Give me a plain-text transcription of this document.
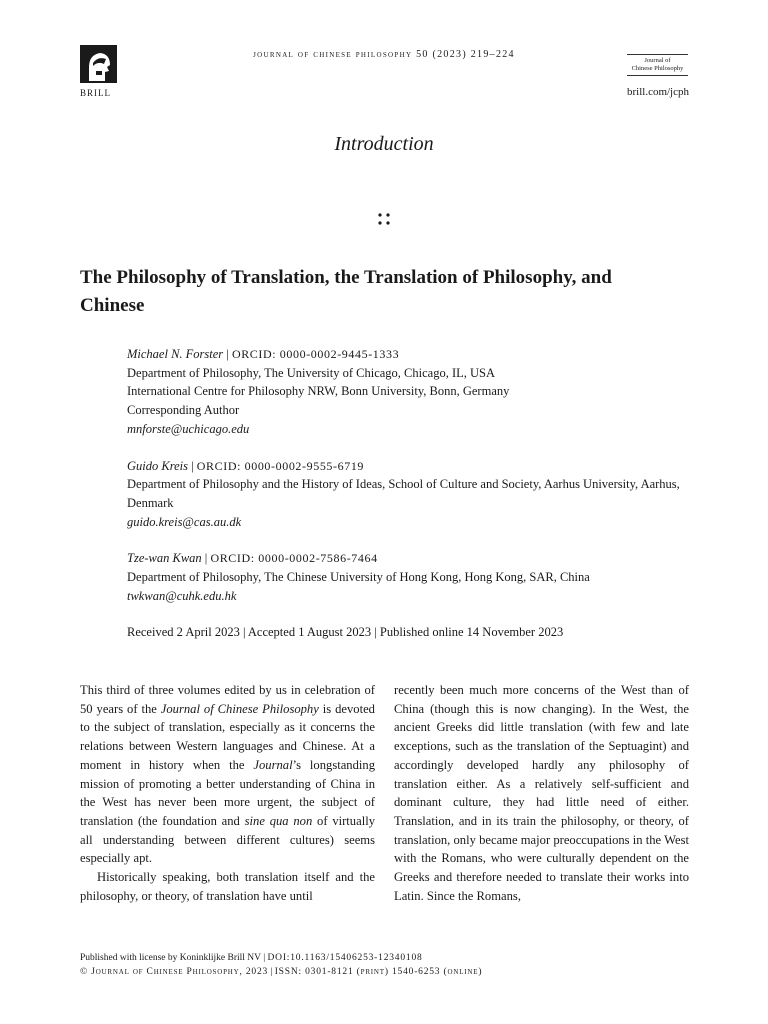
BRILL
journal of chinese philosophy 50 (2023) 219–224
Journal of
Chinese Philosophy
brill.com/jcph
Introduction
The Philosophy of Translation, the Translation of Philosophy, and Chinese
Michael N. Forster | ORCID: 0000-0002-9445-1333
Department of Philosophy, The University of Chicago, Chicago, IL, USA
International Centre for Philosophy NRW, Bonn University, Bonn, Germany
Corresponding Author
mnforste@uchicago.edu
Guido Kreis | ORCID: 0000-0002-9555-6719
Department of Philosophy and the History of Ideas, School of Culture and Society, Aarhus University, Aarhus, Denmark
guido.kreis@cas.au.dk
Tze-wan Kwan | ORCID: 0000-0002-7586-7464
Department of Philosophy, The Chinese University of Hong Kong, Hong Kong, SAR, China
twkwan@cuhk.edu.hk
Received 2 April 2023 | Accepted 1 August 2023 | Published online 14 November 2023

This third of three volumes edited by us in celebration of 50 years of the Journal of Chinese Philosophy is devoted to the subject of translation, especially as it concerns the relations between Western languages and Chinese. At a moment in history when the Journal’s longstanding mission of promoting a better understanding of China in the West has never been more urgent, the subject of translation (the foundation and sine qua non of virtually all understanding between different cultures) seems especially apt.

Historically speaking, both translation itself and the philosophy, or theory, of translation have until

recently been much more concerns of the West than of China (though this is now changing). In the West, the ancient Greeks did little translation (with few and late exceptions, such as the translation of the Septuagint) and accordingly developed hardly any philosophy of translation either. As a relatively self-sufficient and dominant culture, they had little need of either. Translation, and in its train the philosophy, or theory, of translation, only became major preoccupations in the West with the Romans, who were culturally dependent on the Greeks and therefore needed to translate their works into Latin. Since the Romans,

Published with license by Koninklijke Brill NV | DOI:10.1163/15406253-12340108
© Journal of Chinese Philosophy, 2023 | ISSN: 0301-8121 (print) 1540-6253 (online)
